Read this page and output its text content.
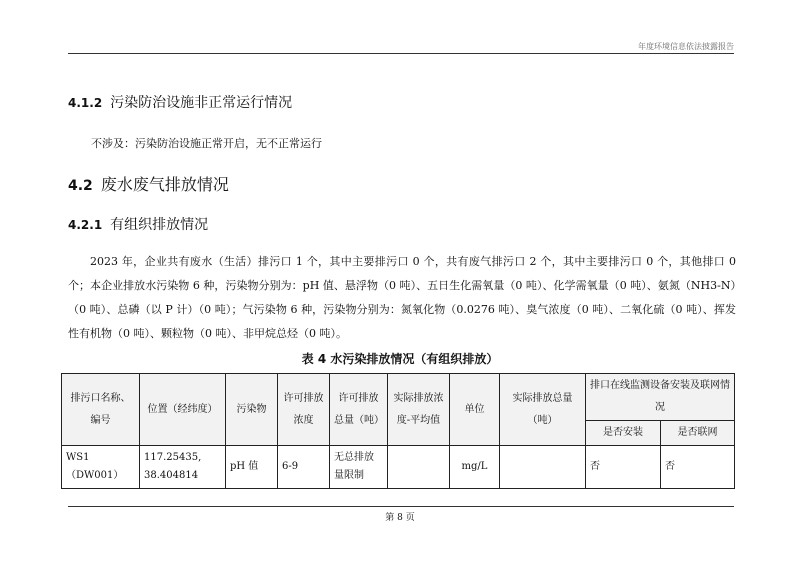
年度环境信息依法披露报告
4.1.2 污染防治设施非正常运行情况
不涉及：污染防治设施正常开启，无不正常运行
4.2 废水废气排放情况
4.2.1 有组织排放情况
2023 年，企业共有废水（生活）排污口 1 个，其中主要排污口 0 个，共有废气排污口 2 个，其中主要排污口 0 个，其他排口 0 个；本企业排放水污染物 6 种，污染物分别为：pH 值、悬浮物（0 吨）、五日生化需氧量（0 吨）、化学需氧量（0 吨）、氨氮（NH3-N）（0 吨）、总磷（以 P 计）（0 吨）；气污染物 6 种，污染物分别为：氮氧化物（0.0276 吨）、臭气浓度（0 吨）、二氧化硫（0 吨）、挥发性有机物（0 吨）、颗粒物（0 吨）、非甲烷总烃（0 吨）。
表 4 水污染排放情况（有组织排放）
排污口名称、编号	位置（经纬度）	污染物	许可排放浓度	许可排放总量（吨）	实际排放浓度-平均值	单位	实际排放总量（吨）	排口在线监测设备安装及联网情况	
								是否安装	是否联网
WS1（DW001）	117.25435, 38.404814	pH 值	6-9	无总排放量限制		mg/L		否	否
第 8 页
